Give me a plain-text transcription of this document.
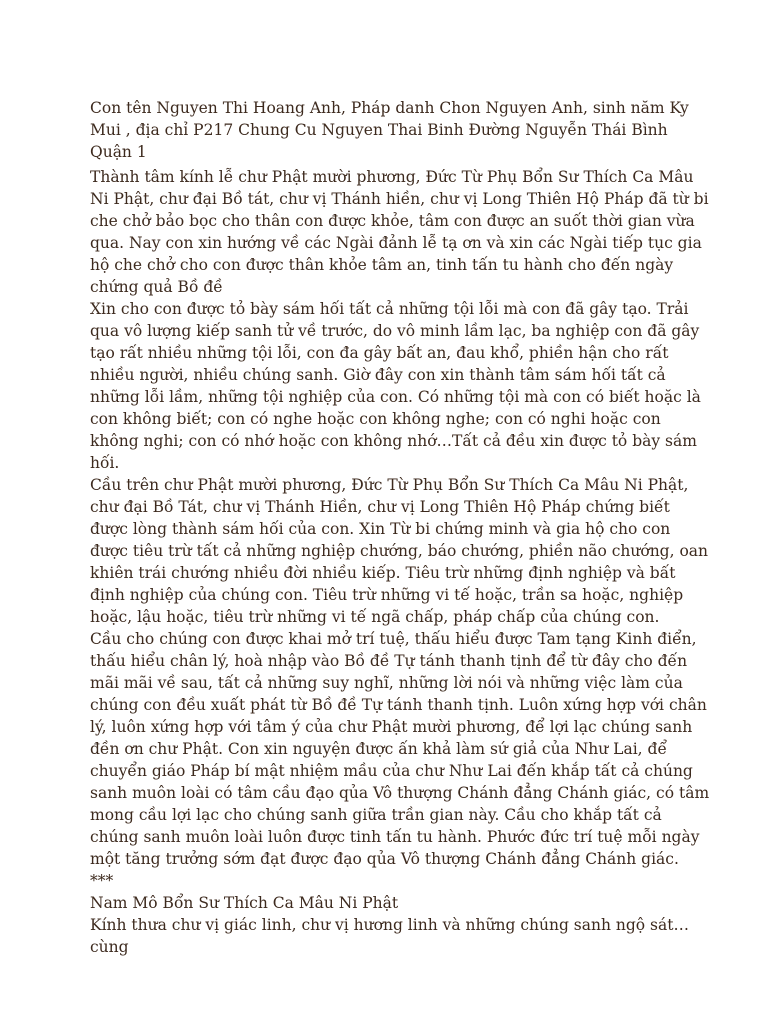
Con tên Nguyen Thi Hoang Anh, Pháp danh Chon Nguyen Anh, sinh năm Ky Mui , địa chỉ P217 Chung Cu Nguyen Thai Binh Đường Nguyễn Thái Bình Quận 1

Thành tâm kính lễ chư Phật mười phương, Đức Từ Phụ Bổn Sư Thích Ca Mâu Ni Phật, chư đại Bồ tát, chư vị Thánh hiền, chư vị Long Thiên Hộ Pháp đã từ bi che chở bảo bọc cho thân con được khỏe, tâm con được an suốt thời gian vừa qua. Nay con xin hướng về các Ngài đảnh lễ tạ ơn và xin các Ngài tiếp tục gia hộ che chở cho con được thân khỏe tâm an, tinh tấn tu hành cho đến ngày chứng quả Bồ đề

Xin cho con được tỏ bày sám hối tất cả những tội lỗi mà con đã gây tạo. Trải qua vô lượng kiếp sanh tử về trước, do vô minh lầm lạc, ba nghiệp con đã gây tạo rất nhiều những tội lỗi, con đa gây bất an, đau khổ, phiền hận cho rất nhiều người, nhiều chúng sanh. Giờ đây con xin thành tâm sám hối tất cả những lỗi lầm, những tội nghiệp của con. Có những tội mà con có biết hoặc là con không biết; con có nghe hoặc con không nghe; con có nghi hoặc con không nghi; con có nhớ hoặc con không nhớ…Tất cả đều xin được tỏ bày sám hối.

Cầu trên chư Phật mười phương, Đức Từ Phụ Bổn Sư Thích Ca Mâu Ni Phật, chư đại Bồ Tát, chư vị Thánh Hiền, chư vị Long Thiên Hộ Pháp chứng biết được lòng thành sám hối của con. Xin Từ bi chứng minh và gia hộ cho con được tiêu trừ tất cả những nghiệp chướng, báo chướng, phiền não chướng, oan khiên trái chướng nhiều đời nhiều kiếp. Tiêu trừ những định nghiệp và bất định nghiệp của chúng con. Tiêu trừ những vi tế hoặc, trần sa hoặc, nghiệp hoặc, lậu hoặc, tiêu trừ những vi tế ngã chấp, pháp chấp của chúng con.

Cầu cho chúng con được khai mở trí tuệ, thấu hiểu được Tam tạng Kinh điển, thấu hiểu chân lý, hoà nhập vào Bồ đề Tự tánh thanh tịnh để từ đây cho đến mãi mãi về sau, tất cả những suy nghĩ, những lời nói và những việc làm của chúng con đều xuất phát từ Bồ đề Tự tánh thanh tịnh. Luôn xứng hợp với chân lý, luôn xứng hợp với tâm ý của chư Phật mười phương, để lợi lạc chúng sanh đền ơn chư Phật. Con xin nguyện được ấn khả làm sứ giả của Như Lai, để chuyển giáo Pháp bí mật nhiệm mầu của chư Như Lai đến khắp tất cả chúng sanh muôn loài có tâm cầu đạo qủa Vô thượng Chánh đẳng Chánh giác, có tâm mong cầu lợi lạc cho chúng sanh giữa trần gian này. Cầu cho khắp tất cả chúng sanh muôn loài luôn được tinh tấn tu hành. Phước đức trí tuệ mỗi ngày một tăng trưởng sớm đạt được đạo qủa Vô thượng Chánh đẳng Chánh giác.

***

Nam Mô Bổn Sư Thích Ca Mâu Ni Phật

Kính thưa chư vị giác linh, chư vị hương linh và những chúng sanh ngộ sát…cùng
